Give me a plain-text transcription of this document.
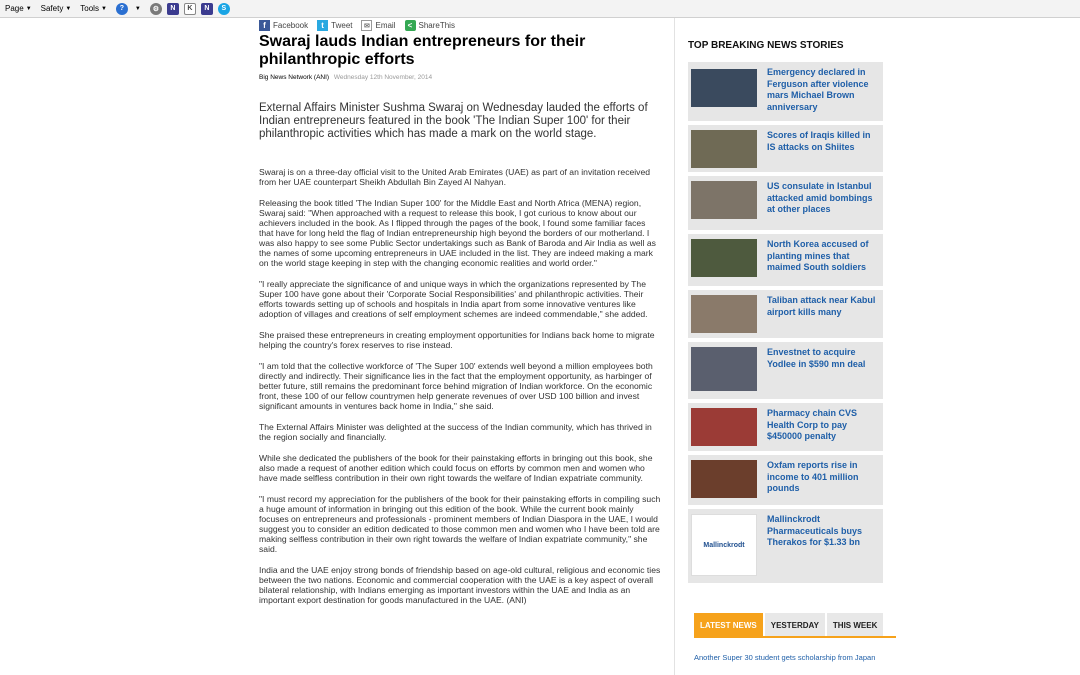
Page ▼ Safety ▼ Tools ▼	?	▼	⚙	N	K	N	S
f Facebook	t Tweet	✉ Email	< ShareThis
Swaraj lauds Indian entrepreneurs for their philanthropic efforts
Big News Network (ANI) Wednesday 12th November, 2014
External Affairs Minister Sushma Swaraj on Wednesday lauded the efforts of Indian entrepreneurs featured in the book 'The Indian Super 100' for their philanthropic activities which has made a mark on the world stage.

Swaraj is on a three-day official visit to the United Arab Emirates (UAE) as part of an invitation received from her UAE counterpart Sheikh Abdullah Bin Zayed Al Nahyan.

Releasing the book titled 'The Indian Super 100' for the Middle East and North Africa (MENA) region, Swaraj said: "When approached with a request to release this book, I got curious to know about our achievers included in the book. As I flipped through the pages of the book, I found some familiar faces that have for long held the flag of Indian entrepreneurship high beyond the borders of our motherland. I was also happy to see some Public Sector undertakings such as Bank of Baroda and Air India as well as the names of some upcoming entrepreneurs in UAE included in the list. They are indeed making a mark on the world stage keeping in step with the changing economic realities and world order."

"I really appreciate the significance of and unique ways in which the organizations represented by The Super 100 have gone about their 'Corporate Social Responsibilities' and philanthropic activities. Their efforts towards setting up of schools and hospitals in India apart from some innovative ventures like adoption of villages and creations of self employment schemes are indeed commendable," she added.

She praised these entrepreneurs in creating employment opportunities for Indians back home to migrate helping the country's forex reserves to rise instead.

"I am told that the collective workforce of 'The Super 100' extends well beyond a million employees both directly and indirectly. Their significance lies in the fact that the employment opportunity, as harbinger of better future, still remains the predominant force behind migration of Indian workforce. On the economic front, these 100 of our fellow countrymen help generate revenues of over USD 100 billion and invest significant amounts in ventures back home in India," she said.

The External Affairs Minister was delighted at the success of the Indian community, which has thrived in the region socially and financially.

While she dedicated the publishers of the book for their painstaking efforts in bringing out this book, she also made a request of another edition which could focus on efforts by common men and women who have made selfless contribution in their own right towards the welfare of Indian expatriate community.

"I must record my appreciation for the publishers of the book for their painstaking efforts in compiling such a huge amount of information in bringing out this edition of the book. While the current book mainly focuses on entrepreneurs and professionals - prominent members of Indian Diaspora in the UAE, I would suggest you to consider an edition dedicated to those common men and women who I have been told are making selfless contribution in their own right towards the welfare of Indian expatriate community," she said.

India and the UAE enjoy strong bonds of friendship based on age-old cultural, religious and economic ties between the two nations. Economic and commercial cooperation with the UAE is a key aspect of overall bilateral relationship, with Indians emerging as important investors within the UAE and India as an important export destination for goods manufactured in the UAE. (ANI)

TOP BREAKING NEWS STORIES
Emergency declared in Ferguson after violence mars Michael Brown anniversary
Scores of Iraqis killed in IS attacks on Shiites
US consulate in Istanbul attacked amid bombings at other places
North Korea accused of planting mines that maimed South soldiers
Taliban attack near Kabul airport kills many
Envestnet to acquire Yodlee in $590 mn deal
Pharmacy chain CVS Health Corp to pay $450000 penalty
Oxfam reports rise in income to 401 million pounds
Mallinckrodt
Mallinckrodt Pharmaceuticals buys Therakos for $1.33 bn
LATEST NEWS	YESTERDAY	THIS WEEK
Another Super 30 student gets scholarship from Japan
